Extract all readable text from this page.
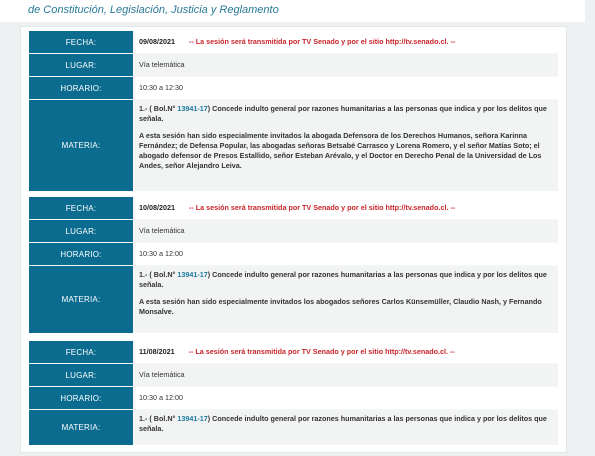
de Constitución, Legislación, Justicia y Reglamento
FECHA:	09/08/2021 -- La sesión será transmitida por TV Senado y por el sitio http://tv.senado.cl. --
LUGAR:	Vía telemática
HORARIO:	10:30 a 12:30
MATERIA:

1.- ( Bol.N° 13941-17) Concede indulto general por razones humanitarias a las personas que indica y por los delitos que señala.

A esta sesión han sido especialmente invitados la abogada Defensora de los Derechos Humanos, señora Karinna Fernández; de Defensa Popular, las abogadas señoras Betsabé Carrasco y Lorena Romero, y el señor Matías Soto; el abogado defensor de Presos Estallido, señor Esteban Arévalo, y el Doctor en Derecho Penal de la Universidad de Los Andes, señor Alejandro Leiva.

FECHA:	10/08/2021 -- La sesión será transmitida por TV Senado y por el sitio http://tv.senado.cl. --
LUGAR:	Vía telemática
HORARIO:	10:30 a 12:00
MATERIA:

1.- ( Bol.N° 13941-17) Concede indulto general por razones humanitarias a las personas que indica y por los delitos que señala.

A esta sesión han sido especialmente invitados los abogados señores Carlos Künsemüller, Claudio Nash, y Fernando Monsalve.

FECHA:	11/08/2021 -- La sesión será transmitida por TV Senado y por el sitio http://tv.senado.cl. --
LUGAR:	Vía telemática
HORARIO:	10:30 a 12:00
MATERIA:

1.- ( Bol.N° 13941-17) Concede indulto general por razones humanitarias a las personas que indica y por los delitos que señala.
